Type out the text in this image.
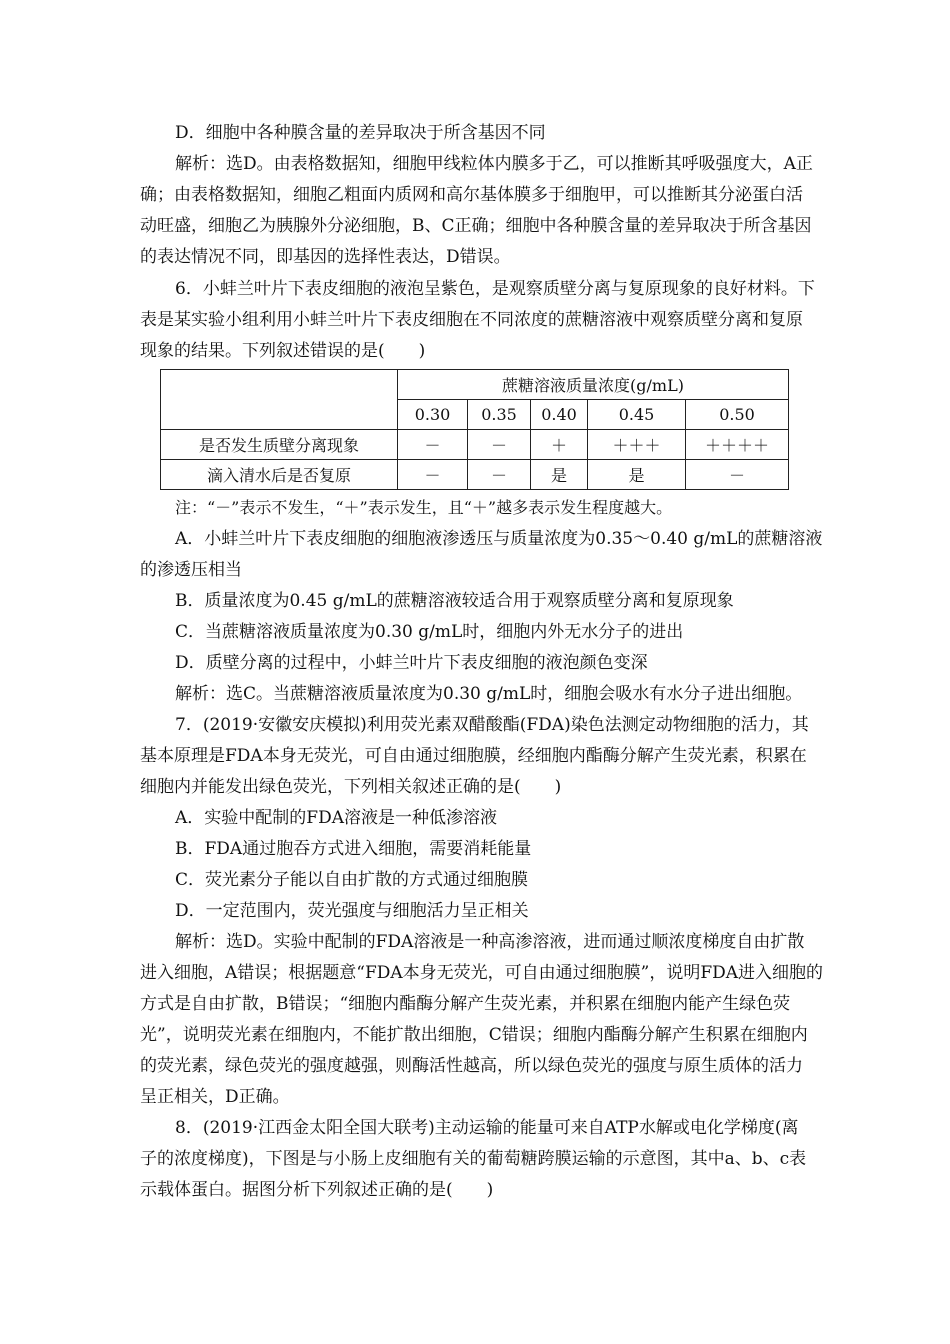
D．细胞中各种膜含量的差异取决于所含基因不同
解析：选D。由表格数据知，细胞甲线粒体内膜多于乙，可以推断其呼吸强度大，A正
确；由表格数据知，细胞乙粗面内质网和高尔基体膜多于细胞甲，可以推断其分泌蛋白活
动旺盛，细胞乙为胰腺外分泌细胞，B、C正确；细胞中各种膜含量的差异取决于所含基因
的表达情况不同，即基因的选择性表达，D错误。
6．小蚌兰叶片下表皮细胞的液泡呈紫色，是观察质壁分离与复原现象的良好材料。下
表是某实验小组利用小蚌兰叶片下表皮细胞在不同浓度的蔗糖溶液中观察质壁分离和复原
现象的结果。下列叙述错误的是(　　)
	蔗糖溶液质量浓度(g/mL)				
	0.30	0.35	0.40	0.45	0.50
是否发生质壁分离现象	－	－	＋	＋＋＋	＋＋＋＋
滴入清水后是否复原	－	－	是	是	－
注：“－”表示不发生，“＋”表示发生，且“＋”越多表示发生程度越大。
A．小蚌兰叶片下表皮细胞的细胞液渗透压与质量浓度为0.35～0.40 g/mL的蔗糖溶液
的渗透压相当
B．质量浓度为0.45 g/mL的蔗糖溶液较适合用于观察质壁分离和复原现象
C．当蔗糖溶液质量浓度为0.30 g/mL时，细胞内外无水分子的进出
D．质壁分离的过程中，小蚌兰叶片下表皮细胞的液泡颜色变深
解析：选C。当蔗糖溶液质量浓度为0.30 g/mL时，细胞会吸水有水分子进出细胞。
7．(2019·安徽安庆模拟)利用荧光素双醋酸酯(FDA)染色法测定动物细胞的活力，其
基本原理是FDA本身无荧光，可自由通过细胞膜，经细胞内酯酶分解产生荧光素，积累在
细胞内并能发出绿色荧光，下列相关叙述正确的是(　　)
A．实验中配制的FDA溶液是一种低渗溶液
B．FDA通过胞吞方式进入细胞，需要消耗能量
C．荧光素分子能以自由扩散的方式通过细胞膜
D．一定范围内，荧光强度与细胞活力呈正相关
解析：选D。实验中配制的FDA溶液是一种高渗溶液，进而通过顺浓度梯度自由扩散
进入细胞，A错误；根据题意“FDA本身无荧光，可自由通过细胞膜”，说明FDA进入细胞的
方式是自由扩散，B错误；“细胞内酯酶分解产生荧光素，并积累在细胞内能产生绿色荧
光”，说明荧光素在细胞内，不能扩散出细胞，C错误；细胞内酯酶分解产生积累在细胞内
的荧光素，绿色荧光的强度越强，则酶活性越高，所以绿色荧光的强度与原生质体的活力
呈正相关，D正确。
8．(2019·江西金太阳全国大联考)主动运输的能量可来自ATP水解或电化学梯度(离
子的浓度梯度)，下图是与小肠上皮细胞有关的葡萄糖跨膜运输的示意图，其中a、b、c表
示载体蛋白。据图分析下列叙述正确的是(　　)
